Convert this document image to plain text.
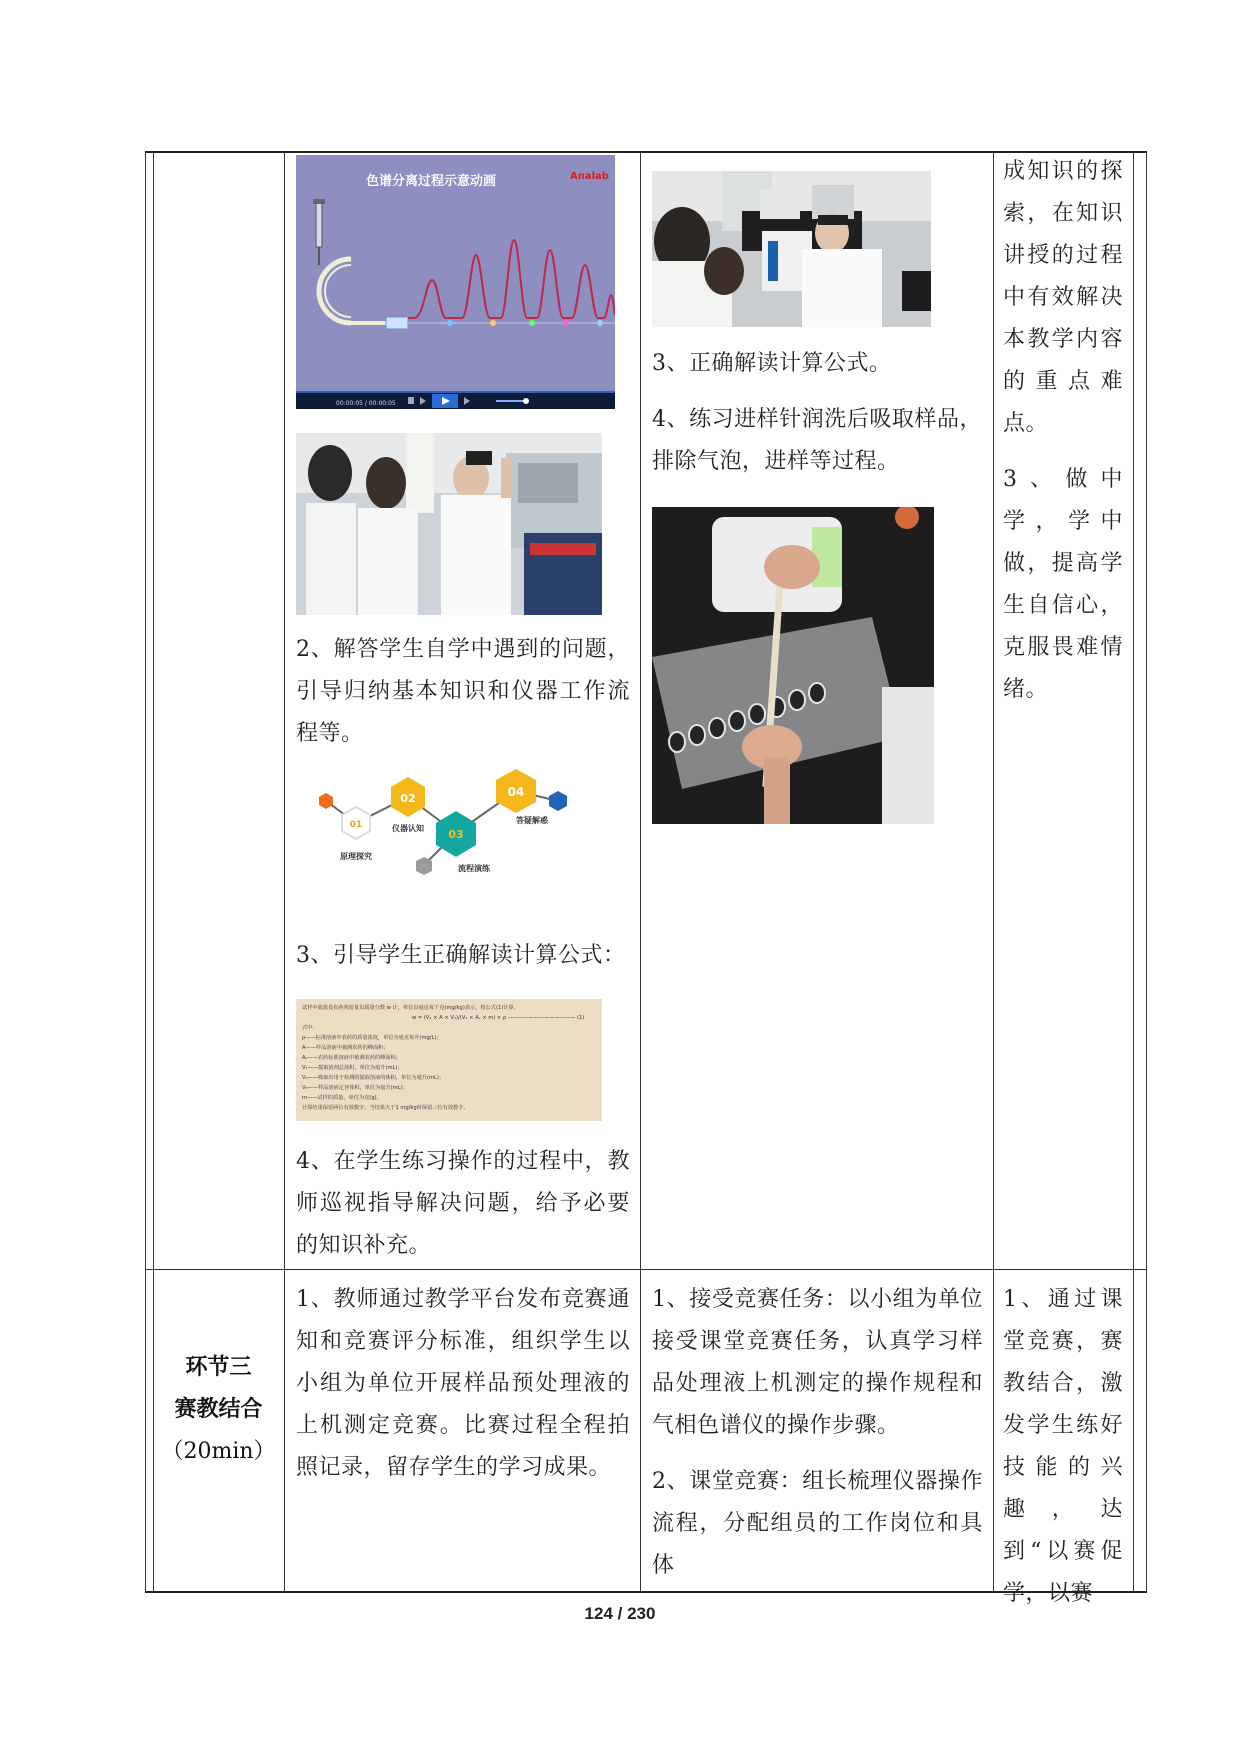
色谱分离过程示意动画	Analab
00:00:05 / 00:00:05

2、解答学生自学中遇到的问题，引导归纳基本知识和仪器工作流程等。

01
原理探究
02
仪器认知 03
流程演练
04
答疑解惑

3、引导学生正确解读计算公式：

试样中敌敌畏农药残留量以质量分数 w 计，单位以毫克每千克(mg/kg)表示，按公式(1)计算。
w = (V₁ × A × V₃)/(V₂ × Aₛ × m) × ρ ————————————— (1)
式中：
ρ——标准溶液中农药的质量浓度，单位为毫克每升(mg/L)；
A——样品溶液中被测农药的峰面积；
Aₛ——农药标准溶液中被测农药的峰面积；
V₁——提取溶剂总体积，单位为毫升(mL)；
V₂——吸取出用于检测的提取溶液的体积，单位为毫升(mL)；
V₃——样品溶液定容体积，单位为毫升(mL)；
m——试样的质量，单位为克(g)。
计算结果保留两位有效数字，当结果大于1 mg/kg时保留三位有效数字。

4、在学生练习操作的过程中，教师巡视指导解决问题，给予必要的知识补充。

3、正确解读计算公式。

4、练习进样针润洗后吸取样品，排除气泡，进样等过程。

成知识的探索，在知识讲授的过程中有效解决本教学内容的重点难点。

3、做中学，学中做，提高学生自信心，克服畏难情绪。

环节三
赛教结合
（20min）

1、教师通过教学平台发布竞赛通知和竞赛评分标准，组织学生以小组为单位开展样品预处理液的上机测定竞赛。比赛过程全程拍照记录，留存学生的学习成果。

1、接受竞赛任务：以小组为单位接受课堂竞赛任务，认真学习样品处理液上机测定的操作规程和气相色谱仪的操作步骤。

2、课堂竞赛：组长梳理仪器操作流程，分配组员的工作岗位和具体

1、通过课堂竞赛，赛教结合，激发学生练好技能的兴趣，达到“以赛促学，以赛

124 / 230
